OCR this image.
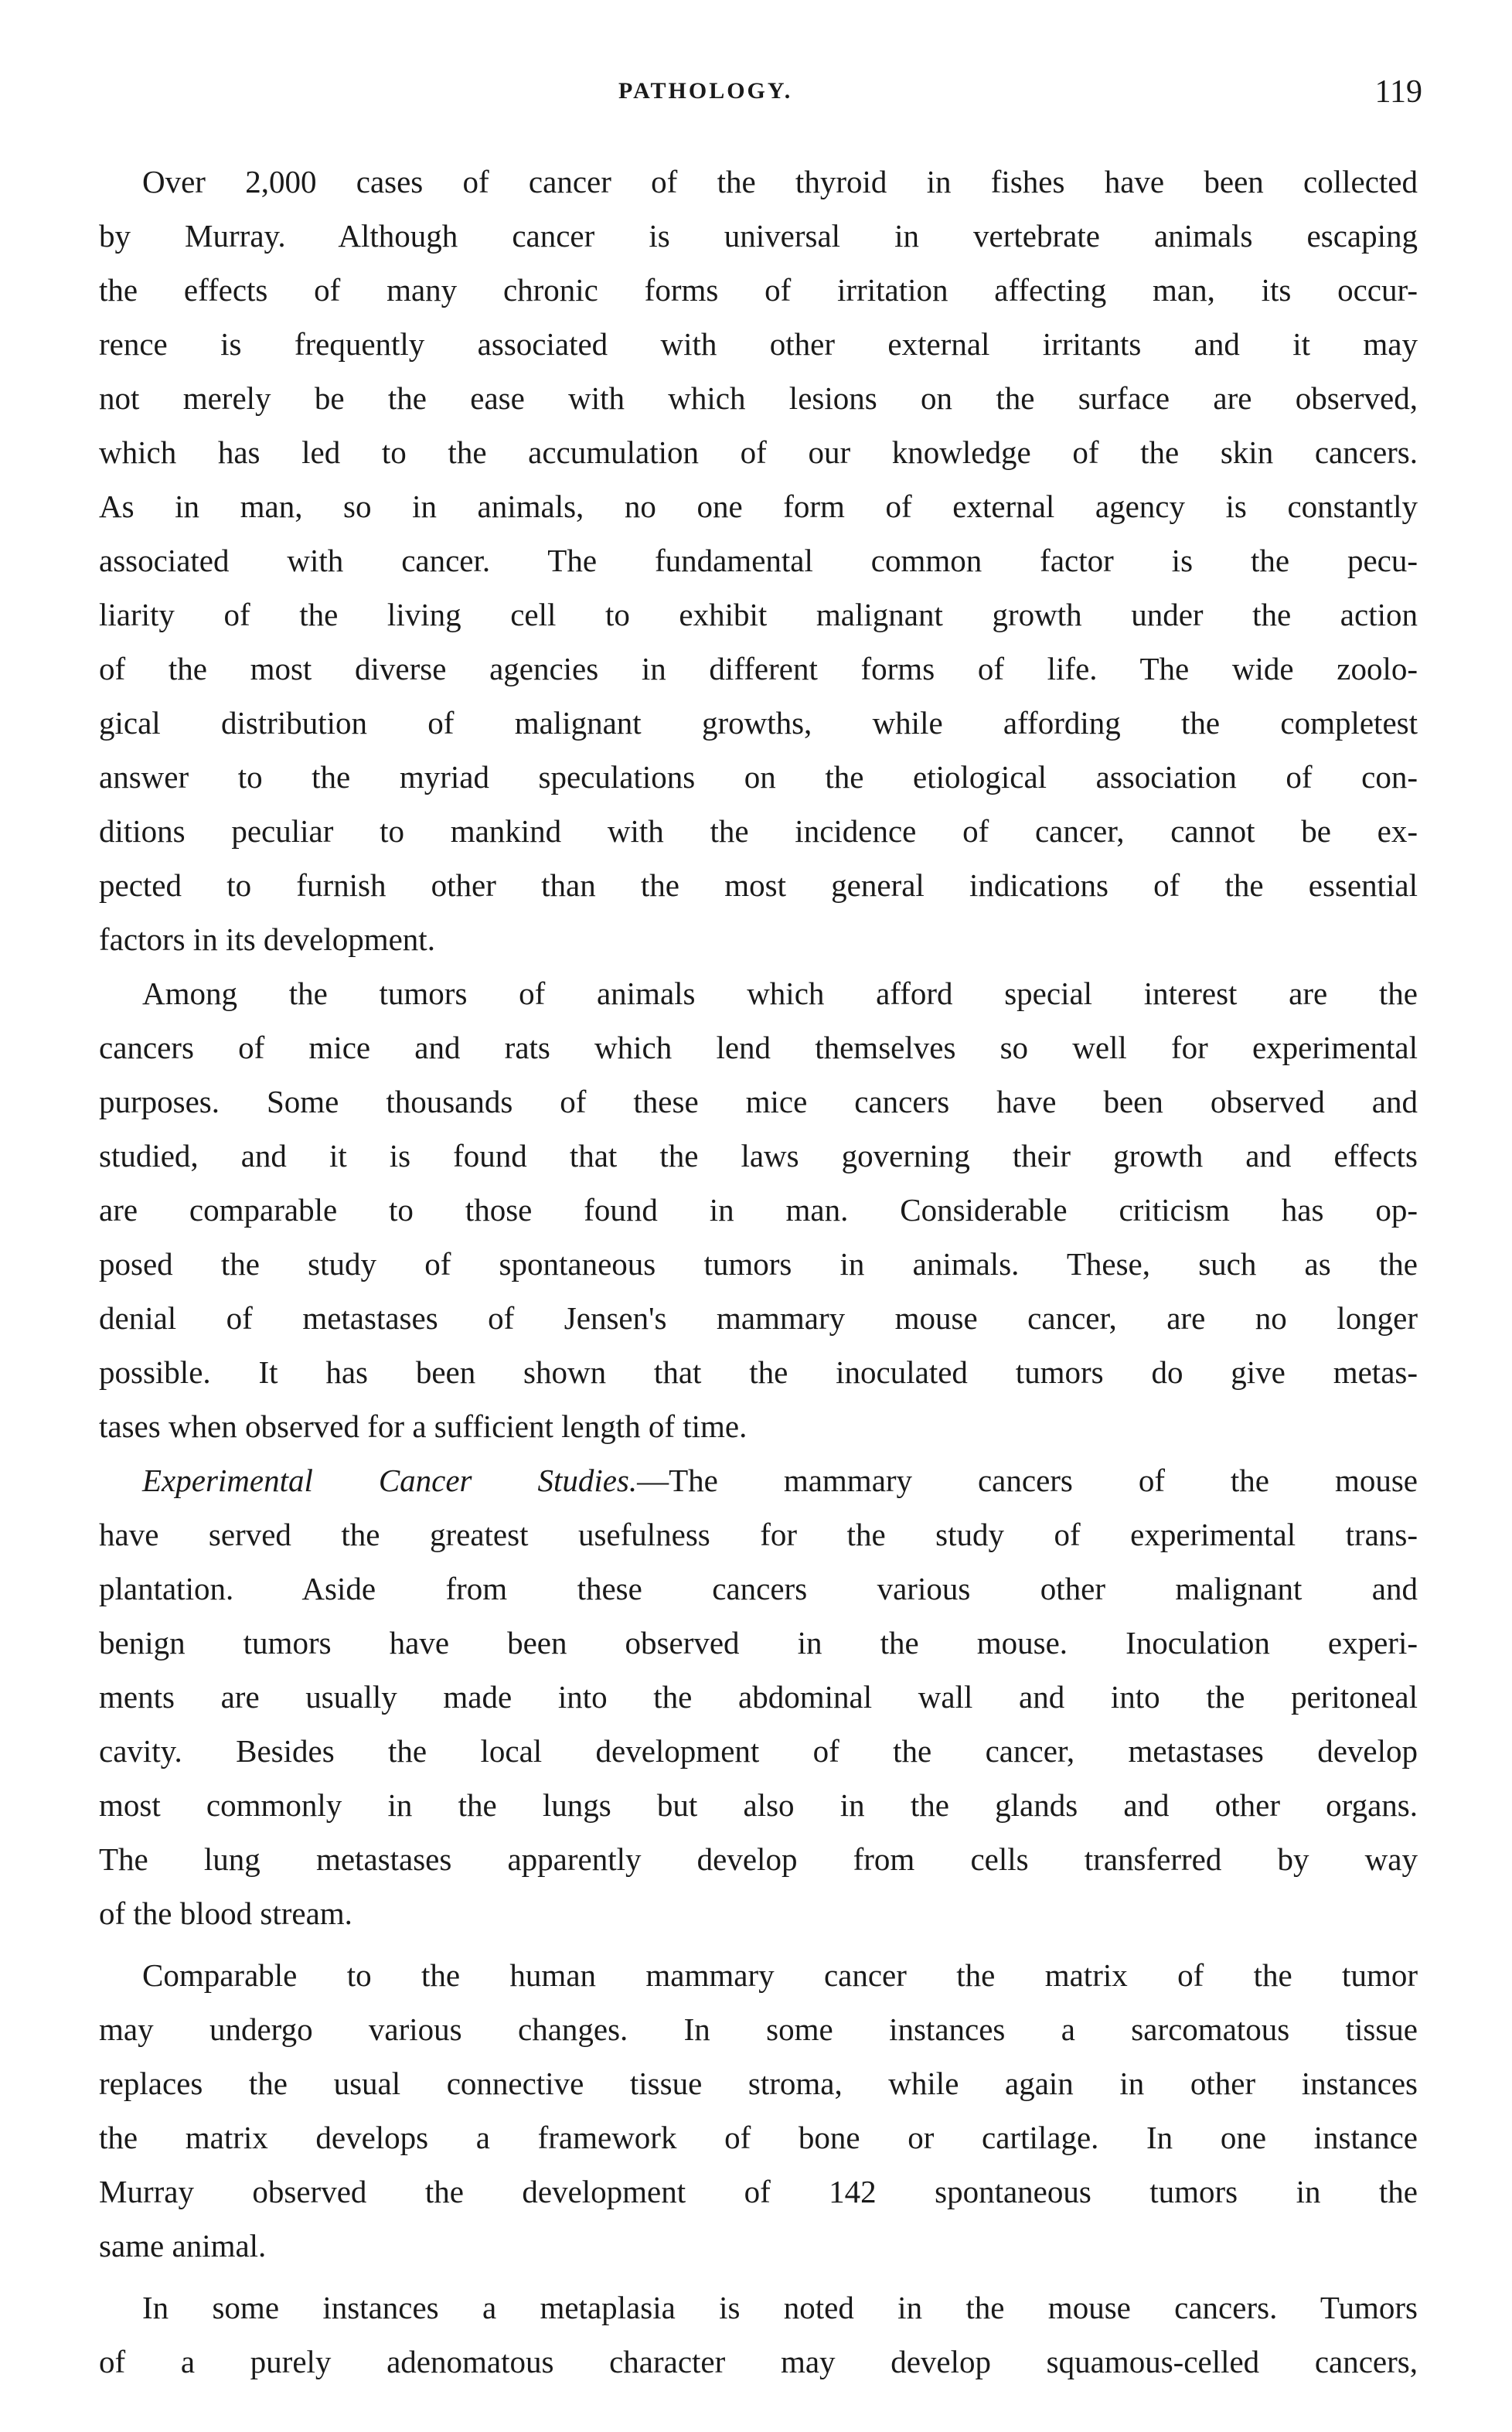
PATHOLOGY.	119
Over 2,000 cases of cancer of the thyroid in fishes have been collected
by Murray. Although cancer is universal in vertebrate animals escaping
the effects of many chronic forms of irritation affecting man, its occur-
rence is frequently associated with other external irritants and it may
not merely be the ease with which lesions on the surface are observed,
which has led to the accumulation of our knowledge of the skin cancers.
As in man, so in animals, no one form of external agency is constantly
associated with cancer. The fundamental common factor is the pecu-
liarity of the living cell to exhibit malignant growth under the action
of the most diverse agencies in different forms of life. The wide zoolo-
gical distribution of malignant growths, while affording the completest
answer to the myriad speculations on the etiological association of con-
ditions peculiar to mankind with the incidence of cancer, cannot be ex-
pected to furnish other than the most general indications of the essential
factors in its development.
Among the tumors of animals which afford special interest are the
cancers of mice and rats which lend themselves so well for experimental
purposes. Some thousands of these mice cancers have been observed and
studied, and it is found that the laws governing their growth and effects
are comparable to those found in man. Considerable criticism has op-
posed the study of spontaneous tumors in animals. These, such as the
denial of metastases of Jensen's mammary mouse cancer, are no longer
possible. It has been shown that the inoculated tumors do give metas-
tases when observed for a sufficient length of time.
Experimental Cancer Studies.—The mammary cancers of the mouse
have served the greatest usefulness for the study of experimental trans-
plantation. Aside from these cancers various other malignant and
benign tumors have been observed in the mouse. Inoculation experi-
ments are usually made into the abdominal wall and into the peritoneal
cavity. Besides the local development of the cancer, metastases develop
most commonly in the lungs but also in the glands and other organs.
The lung metastases apparently develop from cells transferred by way
of the blood stream.
Comparable to the human mammary cancer the matrix of the tumor
may undergo various changes. In some instances a sarcomatous tissue
replaces the usual connective tissue stroma, while again in other instances
the matrix develops a framework of bone or cartilage. In one instance
Murray observed the development of 142 spontaneous tumors in the
same animal.
In some instances a metaplasia is noted in the mouse cancers. Tumors
of a purely adenomatous character may develop squamous-celled cancers,
